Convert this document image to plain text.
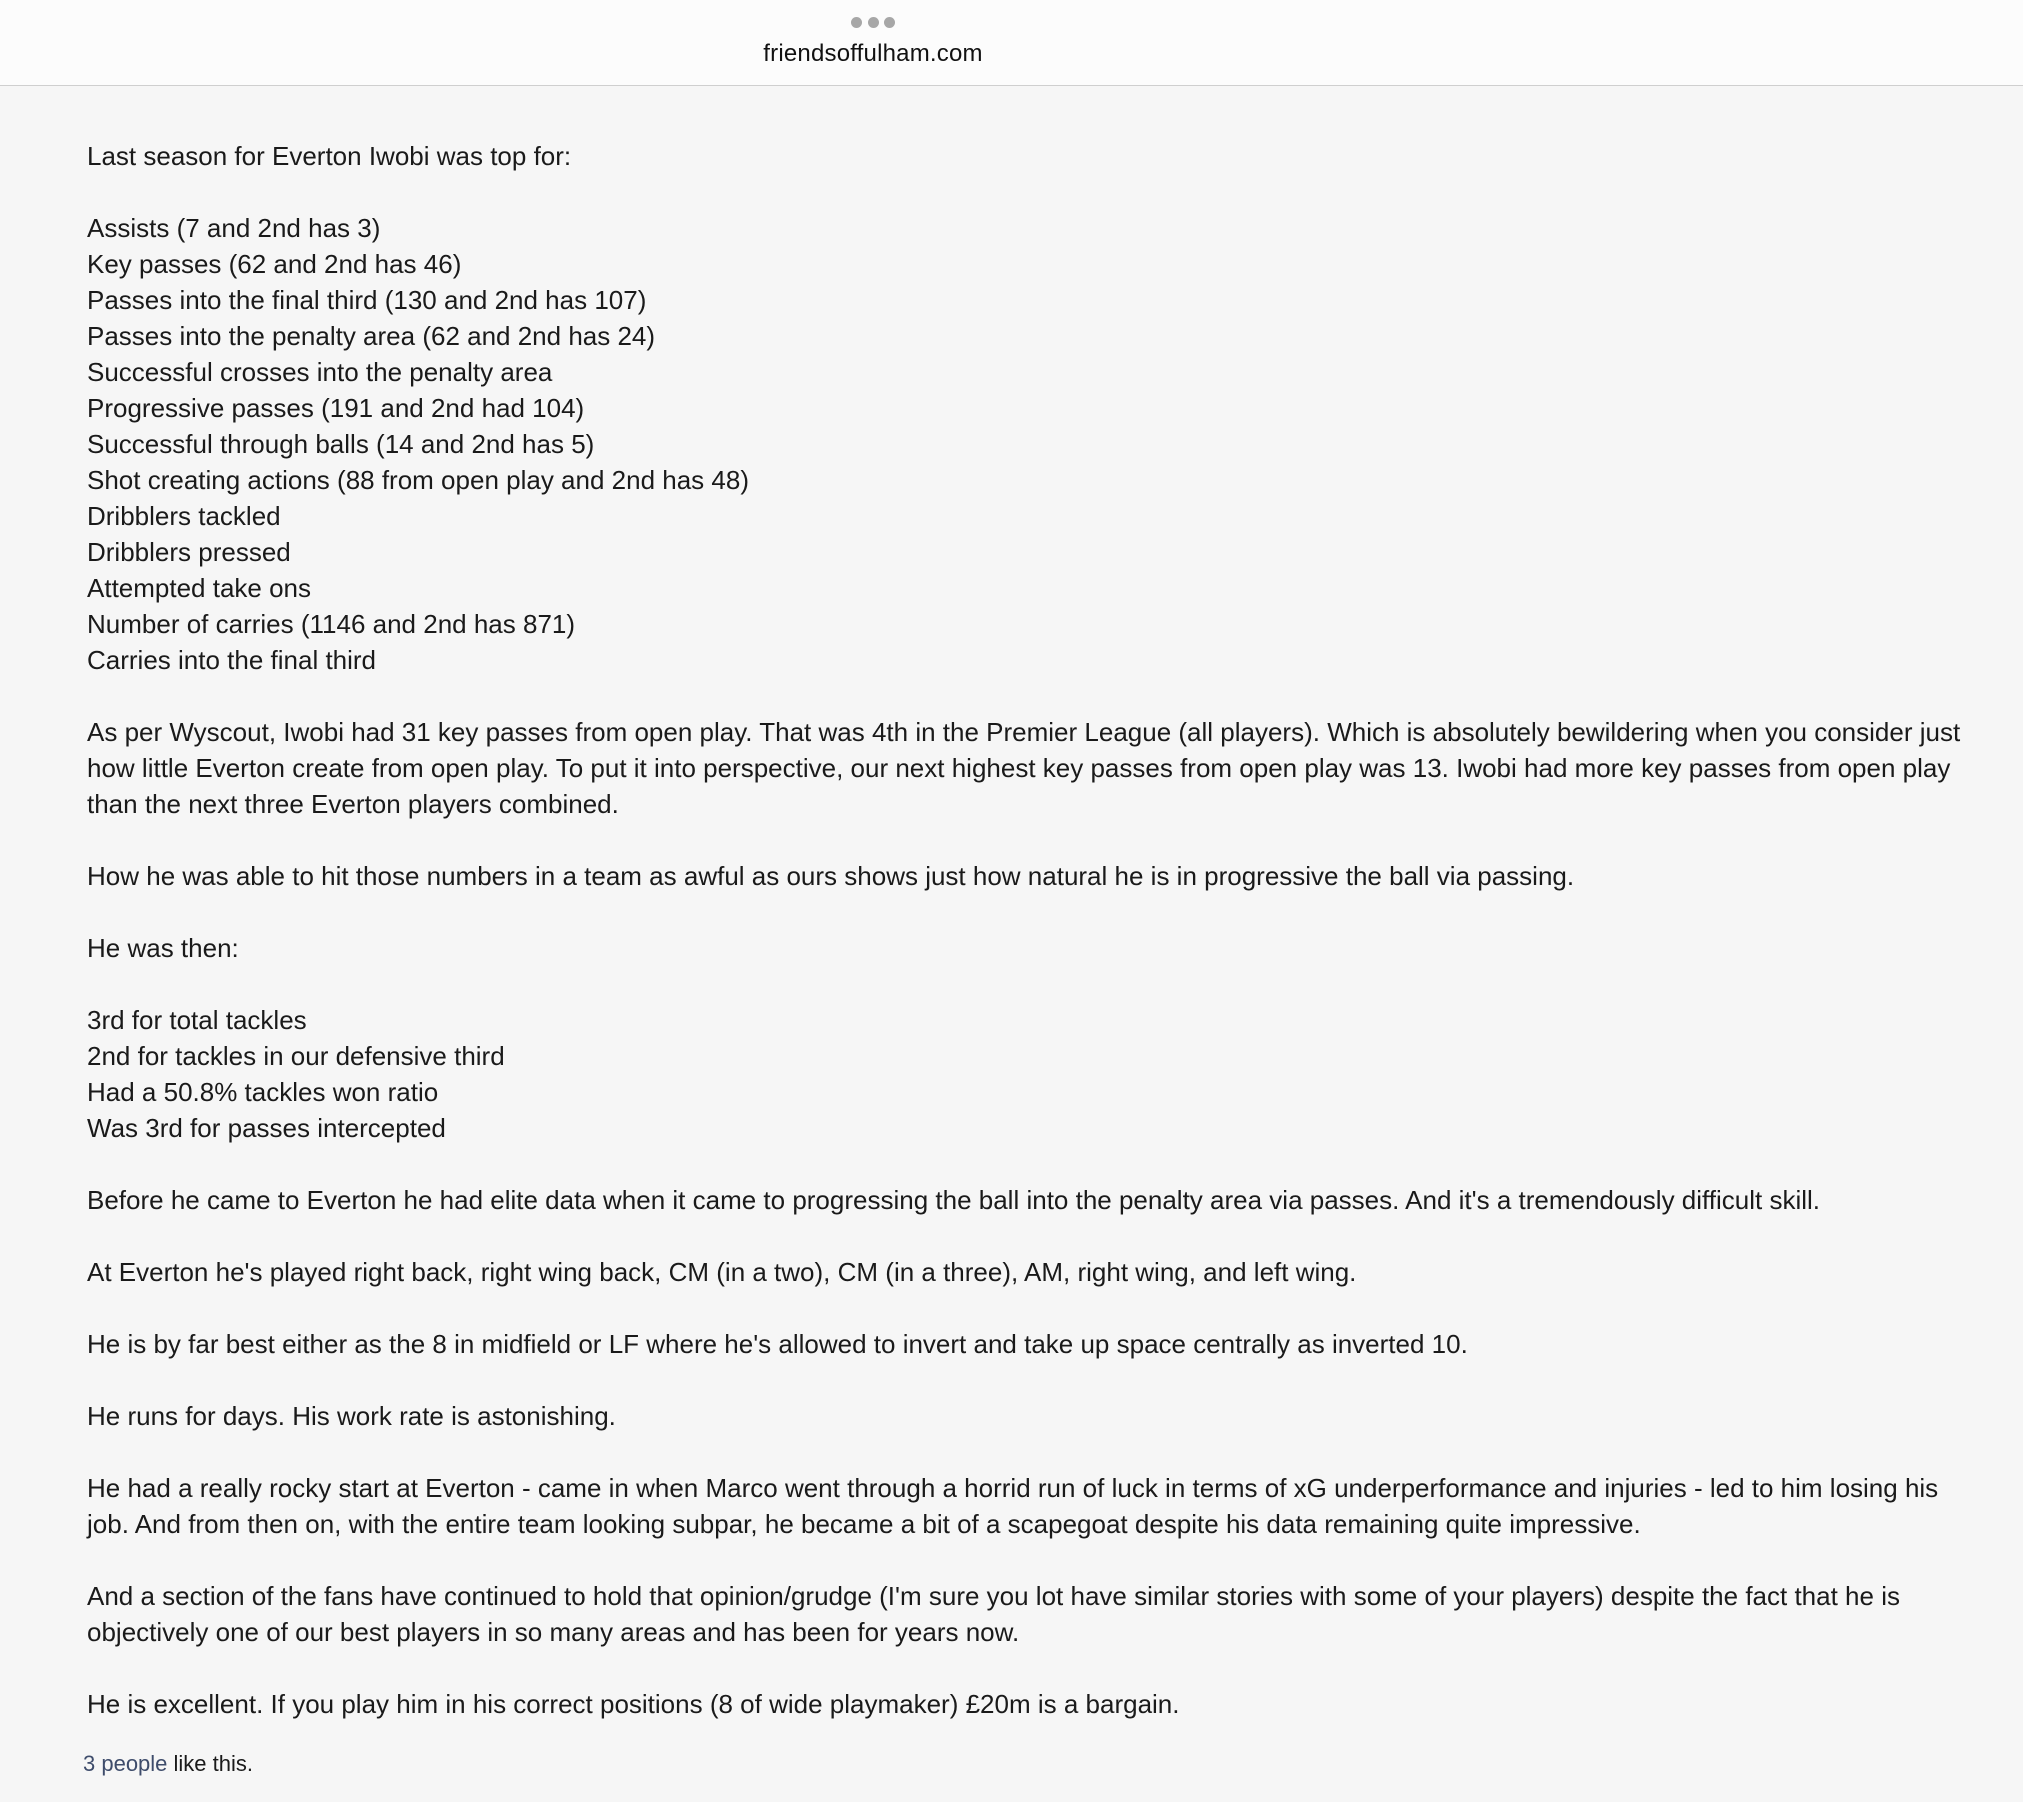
friendsoffulham.com

Last season for Everton Iwobi was top for:

Assists (7 and 2nd has 3)
Key passes (62 and 2nd has 46)
Passes into the final third (130 and 2nd has 107)
Passes into the penalty area (62 and 2nd has 24)
Successful crosses into the penalty area
Progressive passes (191 and 2nd had 104)
Successful through balls (14 and 2nd has 5)
Shot creating actions (88 from open play and 2nd has 48)
Dribblers tackled
Dribblers pressed
Attempted take ons
Number of carries (1146 and 2nd has 871)
Carries into the final third

As per Wyscout, Iwobi had 31 key passes from open play. That was 4th in the Premier League (all players). Which is absolutely bewildering when you consider just how little Everton create from open play. To put it into perspective, our next highest key passes from open play was 13. Iwobi had more key passes from open play than the next three Everton players combined.

How he was able to hit those numbers in a team as awful as ours shows just how natural he is in progressive the ball via passing.

He was then:

3rd for total tackles
2nd for tackles in our defensive third
Had a 50.8% tackles won ratio
Was 3rd for passes intercepted

Before he came to Everton he had elite data when it came to progressing the ball into the penalty area via passes. And it's a tremendously difficult skill.

At Everton he's played right back, right wing back, CM (in a two), CM (in a three), AM, right wing, and left wing.

He is by far best either as the 8 in midfield or LF where he's allowed to invert and take up space centrally as inverted 10.

He runs for days. His work rate is astonishing.

He had a really rocky start at Everton - came in when Marco went through a horrid run of luck in terms of xG underperformance and injuries - led to him losing his job. And from then on, with the entire team looking subpar, he became a bit of a scapegoat despite his data remaining quite impressive.

And a section of the fans have continued to hold that opinion/grudge (I'm sure you lot have similar stories with some of your players) despite the fact that he is objectively one of our best players in so many areas and has been for years now.

He is excellent. If you play him in his correct positions (8 of wide playmaker) £20m is a bargain.

3 people like this.
